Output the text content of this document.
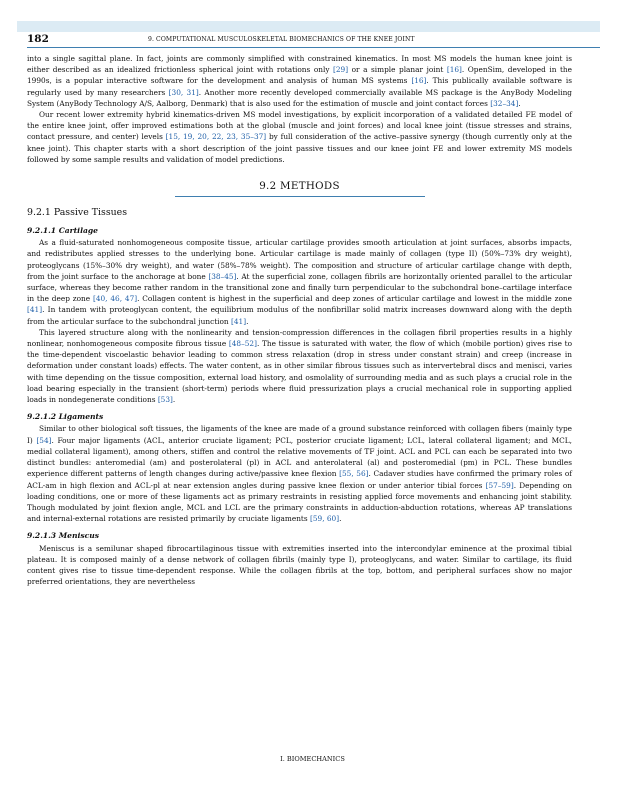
182	9. COMPUTATIONAL MUSCULOSKELETAL BIOMECHANICS OF THE KNEE JOINT

into a single sagittal plane. In fact, joints are commonly simplified with constrained kinematics. In most MS models the human knee joint is either described as an idealized frictionless spherical joint with rotations only [29] or a simple planar joint [16]. OpenSim, developed in the 1990s, is a popular interactive software for the development and analysis of human MS systems [16]. This publically available software is regularly used by many researchers [30, 31]. Another more recently developed commercially available MS package is the AnyBody Modeling System (AnyBody Technology A/S, Aalborg, Denmark) that is also used for the estimation of muscle and joint contact forces [32–34].

Our recent lower extremity hybrid kinematics-driven MS model investigations, by explicit incorporation of a validated detailed FE model of the entire knee joint, offer improved estimations both at the global (muscle and joint forces) and local knee joint (tissue stresses and strains, contact pressure, and center) levels [15, 19, 20, 22, 23, 35–37] by full consideration of the active–passive synergy (though currently only at the knee joint). This chapter starts with a short description of the joint passive tissues and our knee joint FE and lower extremity MS models followed by some sample results and validation of model predictions.

9.2 METHODS
9.2.1 Passive Tissues
9.2.1.1 Cartilage

As a fluid-saturated nonhomogeneous composite tissue, articular cartilage provides smooth articulation at joint surfaces, absorbs impacts, and redistributes applied stresses to the underlying bone. Articular cartilage is made mainly of collagen (type II) (50%–73% dry weight), proteoglycans (15%–30% dry weight), and water (58%–78% weight). The composition and structure of articular cartilage change with depth, from the joint surface to the anchorage at bone [38–45]. At the superficial zone, collagen fibrils are horizontally oriented parallel to the articular surface, whereas they become rather random in the transitional zone and finally turn perpendicular to the subchondral bone–cartilage interface in the deep zone [40, 46, 47]. Collagen content is highest in the superficial and deep zones of articular cartilage and lowest in the middle zone [41]. In tandem with proteoglycan content, the equilibrium modulus of the nonfibrillar solid matrix increases downward along with the depth from the articular surface to the subchondral junction [41].

This layered structure along with the nonlinearity and tension-compression differences in the collagen fibril properties results in a highly nonlinear, nonhomogeneous composite fibrous tissue [48–52]. The tissue is saturated with water, the flow of which (mobile portion) gives rise to the time-dependent viscoelastic behavior leading to common stress relaxation (drop in stress under constant strain) and creep (increase in deformation under constant loads) effects. The water content, as in other similar fibrous tissues such as intervertebral discs and menisci, varies with time depending on the tissue composition, external load history, and osmolality of surrounding media and as such plays a crucial role in the load bearing especially in the transient (short-term) periods where fluid pressurization plays a crucial mechanical role in supporting applied loads in nondegenerate conditions [53].

9.2.1.2 Ligaments

Similar to other biological soft tissues, the ligaments of the knee are made of a ground substance reinforced with collagen fibers (mainly type I) [54]. Four major ligaments (ACL, anterior cruciate ligament; PCL, posterior cruciate ligament; LCL, lateral collateral ligament; and MCL, medial collateral ligament), among others, stiffen and control the relative movements of TF joint. ACL and PCL can each be separated into two distinct bundles: anteromedial (am) and posterolateral (pl) in ACL and anterolateral (al) and posteromedial (pm) in PCL. These bundles experience different patterns of length changes during active/passive knee flexion [55, 56]. Cadaver studies have confirmed the primary roles of ACL-am in high flexion and ACL-pl at near extension angles during passive knee flexion or under anterior tibial forces [57–59]. Depending on loading conditions, one or more of these ligaments act as primary restraints in resisting applied force movements and enhancing joint stability. Though modulated by joint flexion angle, MCL and LCL are the primary constraints in adduction-abduction rotations, whereas AP translations and internal-external rotations are resisted primarily by cruciate ligaments [59, 60].

9.2.1.3 Meniscus

Meniscus is a semilunar shaped fibrocartilaginous tissue with extremities inserted into the intercondylar eminence at the proximal tibial plateau. It is composed mainly of a dense network of collagen fibrils (mainly type I), proteoglycans, and water. Similar to cartilage, its fluid content gives rise to tissue time-dependent response. While the collagen fibrils at the top, bottom, and peripheral surfaces show no major preferred orientations, they are nevertheless

I. BIOMECHANICS
